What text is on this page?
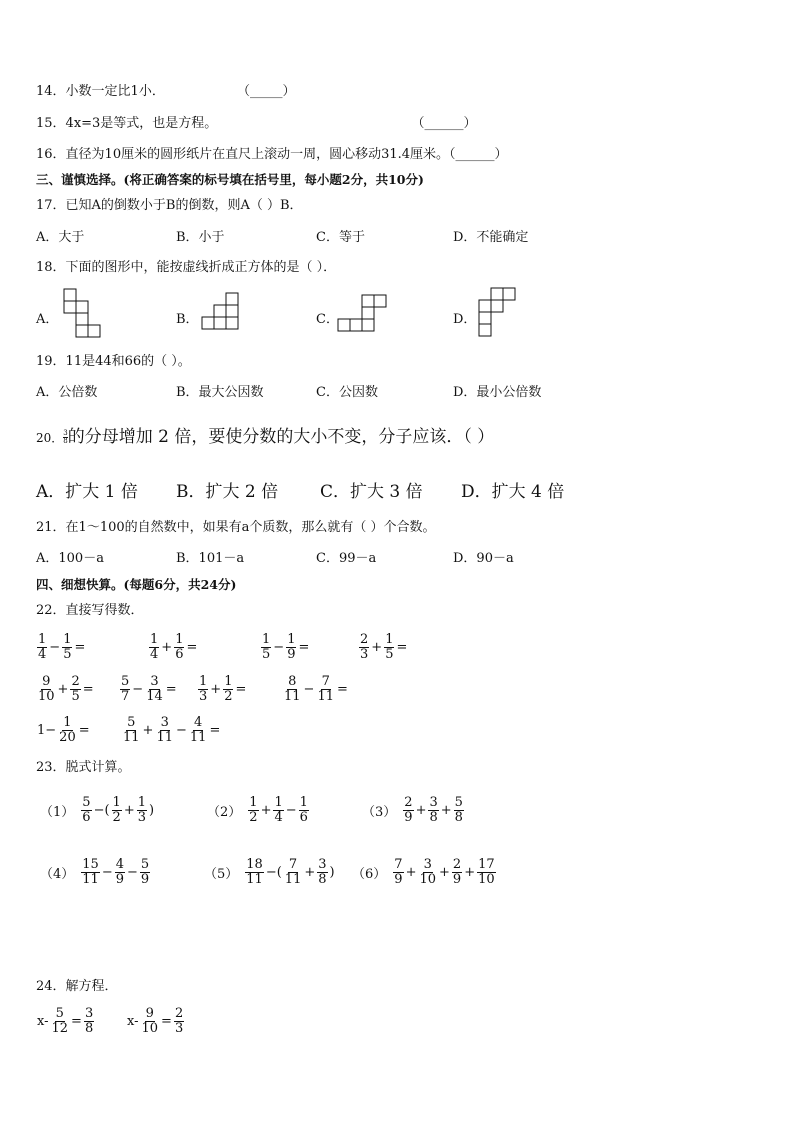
14．小数一定比1小．	（_____）
15．4x=3是等式，也是方程。	（______）
16．直径为10厘米的圆形纸片在直尺上滚动一周，圆心移动31.4厘米。（______）
三、谨慎选择。(将正确答案的标号填在括号里，每小题2分，共10分)
17．已知A的倒数小于B的倒数，则A（ ）B．
A．大于	B．小于	C．等于	D．不能确定
18．下面的图形中，能按虚线折成正方体的是（ ）．
A．	B．	C．	D．
19．11是44和66的（ ）。
A．公倍数	B．最大公因数	C．公因数	D．最小公倍数
20． $\frac{3}{8}$ 的分母增加 2 倍，要使分数的大小不变，分子应该．（ ）
A．扩大 1 倍 B．扩大 2 倍 C．扩大 3 倍 D．扩大 4 倍
21．在1～100的自然数中，如果有a个质数，那么就有（ ）个合数。
A．100－a	B．101－a	C．99－a	D．90－a
四、细想快算。(每题6分，共24分)
22．直接写得数．
$\frac{1}{4} - \frac{1}{5}$ =	$\frac{1}{4} + \frac{1}{6}$ =	$\frac{1}{5} - \frac{1}{9}$ =	$\frac{2}{3} + \frac{1}{5}$ =
$\frac{9}{10} + \frac{2}{5} = \frac{5}{7} - \frac{3}{14} = \frac{1}{3} + \frac{1}{2}$ =	$\frac{8}{11} - \frac{7}{11}$ =
$1- \frac{1}{20} = \frac{5}{11} + \frac{3}{11} - \frac{4}{11}$ =
23．脱式计算。
$(1) \frac{5}{6}$ −( $\frac{1}{2} + \frac{1}{3}$ )	$(2) \frac{1}{2} + \frac{1}{4} - \frac{1}{6}$	$(3) \frac{2}{9} + \frac{3}{8} + \frac{5}{8}$
$(4) \frac{15}{11} - \frac{4}{9} - \frac{5}{9}$	$(5) \frac{18}{11}$ −( $\frac{7}{11} + \frac{3}{8}$ ) $(6) \frac{7}{9} + \frac{3}{10} + \frac{2}{9} + \frac{17}{10}$
24．解方程．
$x- \frac{5}{12} = \frac{3}{8}$	$x- \frac{9}{10} = \frac{2}{3}$
